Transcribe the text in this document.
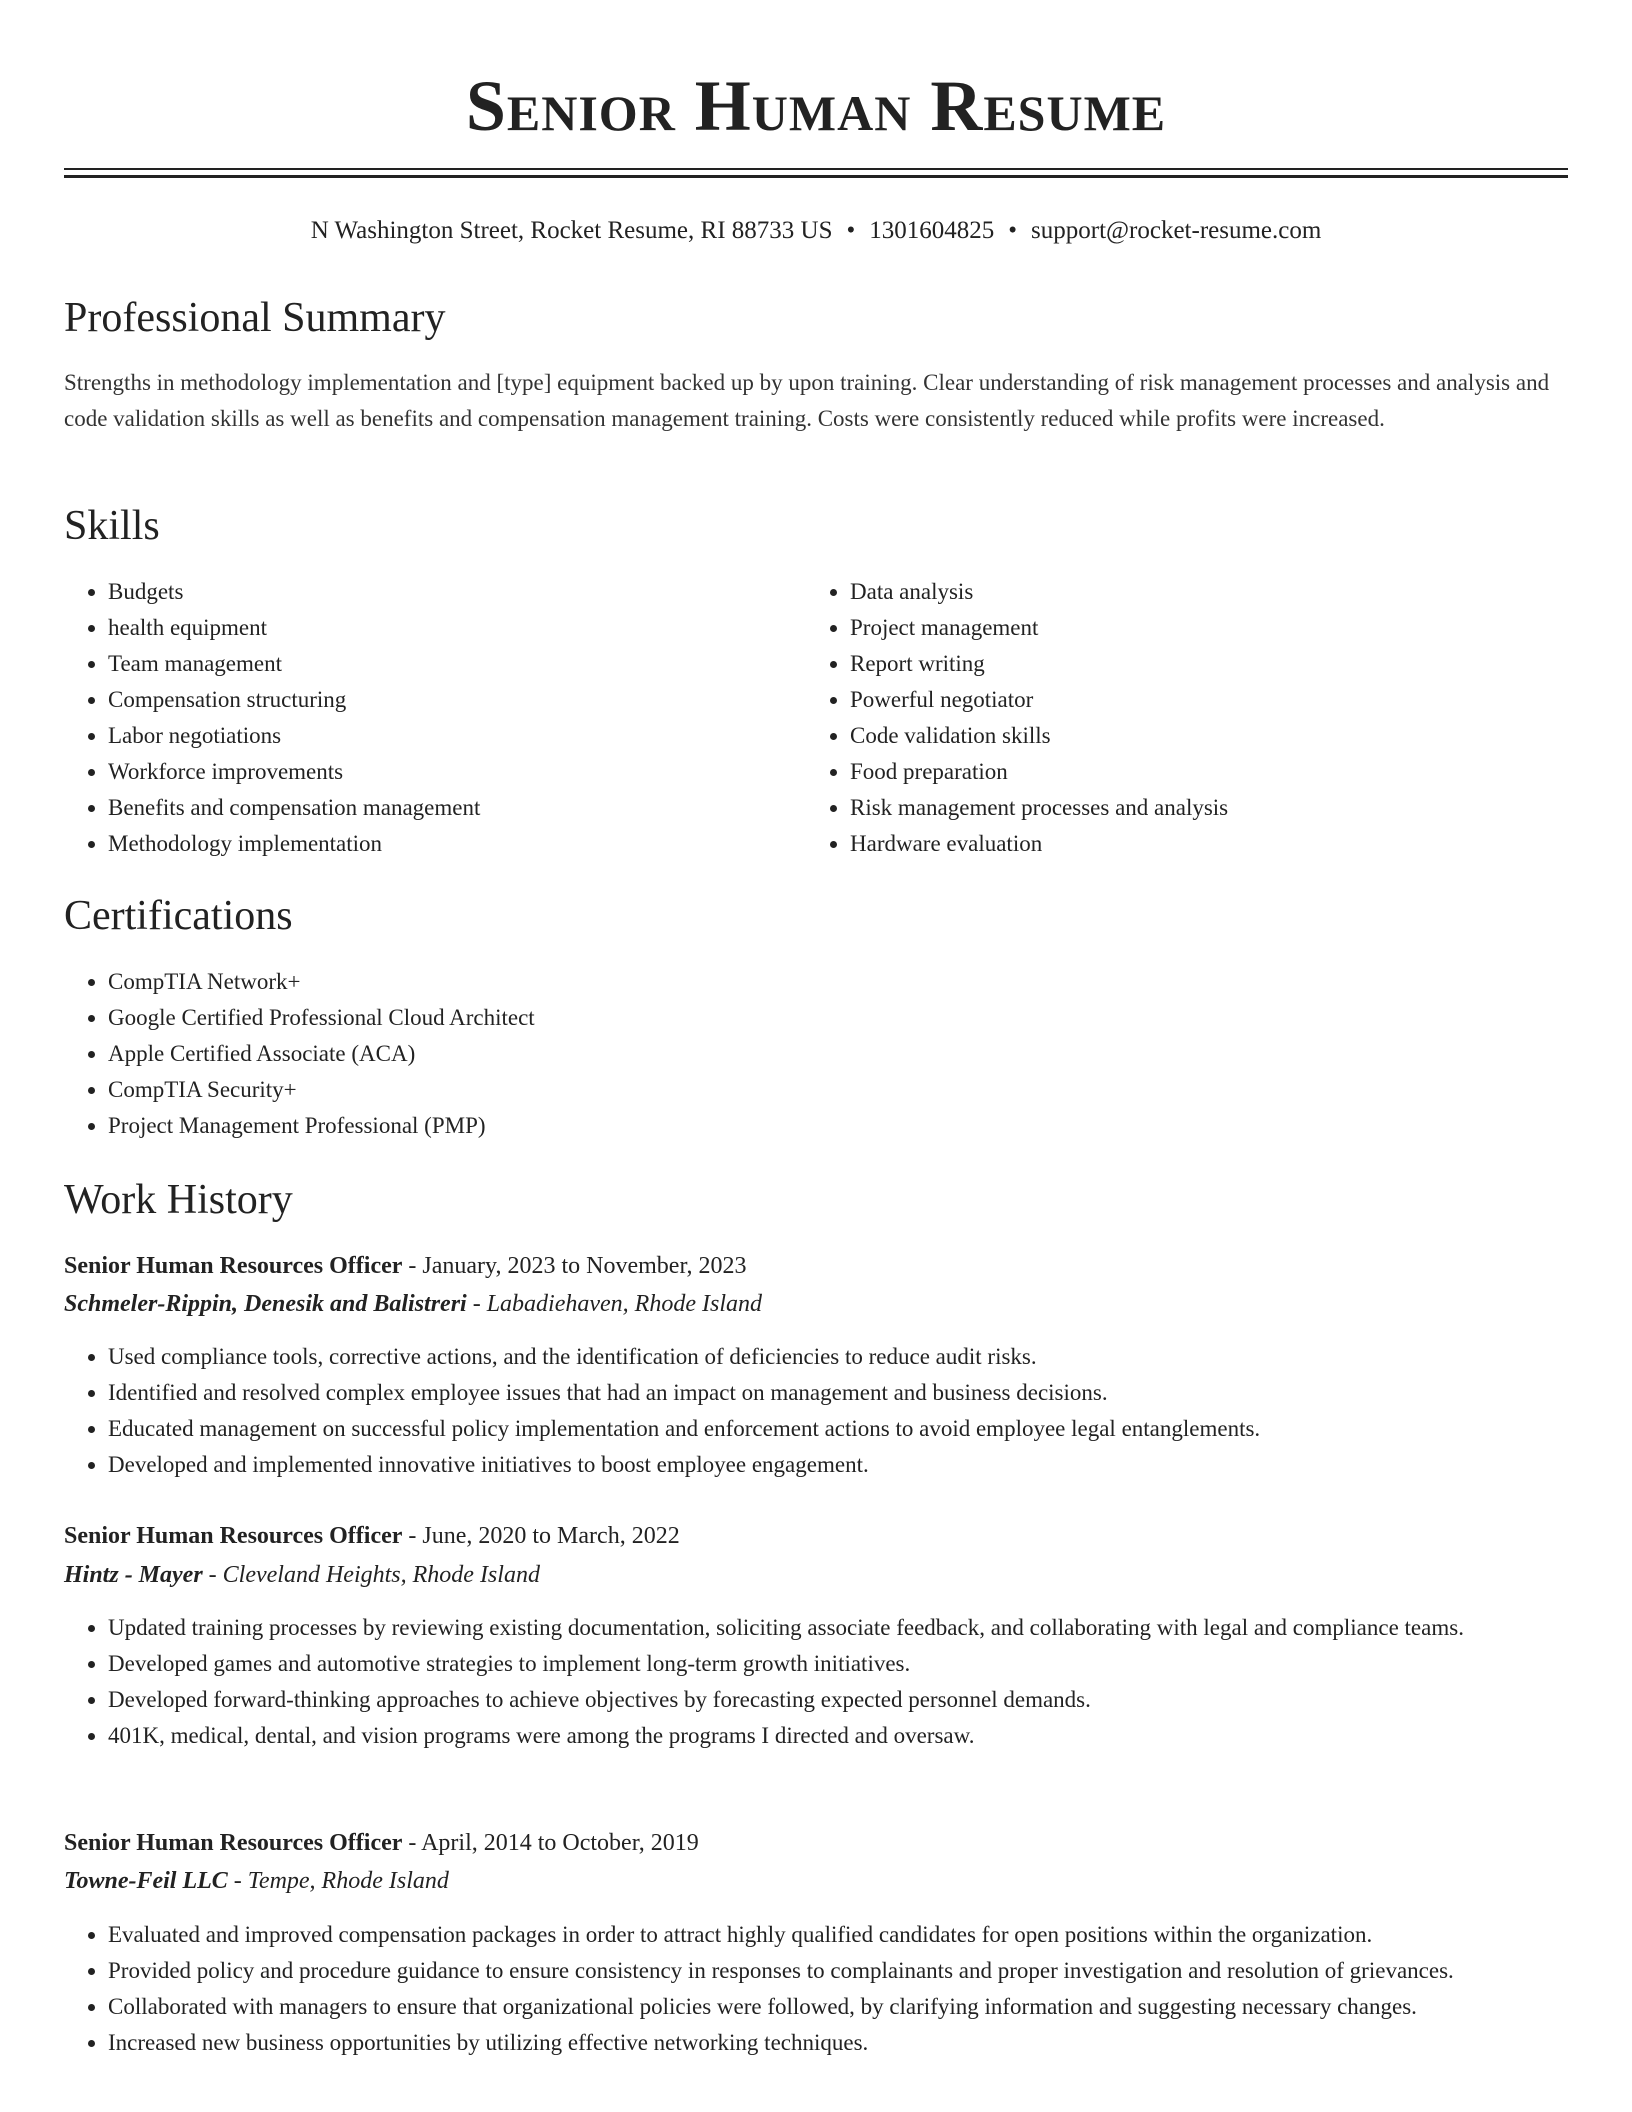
Senior Human Resume
N Washington Street, Rocket Resume, RI 88733 US • 1301604825 • support@rocket-resume.com
Professional Summary

Strengths in methodology implementation and [type] equipment backed up by upon training. Clear understanding of risk management processes and analysis and code validation skills as well as benefits and compensation management training. Costs were consistently reduced while profits were increased.

Skills
• Budgets
• health equipment
• Team management
• Compensation structuring
• Labor negotiations
• Workforce improvements
• Benefits and compensation management
• Methodology implementation
• Data analysis
• Project management
• Report writing
• Powerful negotiator
• Code validation skills
• Food preparation
• Risk management processes and analysis
• Hardware evaluation
Certifications
• CompTIA Network+
• Google Certified Professional Cloud Architect
• Apple Certified Associate (ACA)
• CompTIA Security+
• Project Management Professional (PMP)
Work History
Senior Human Resources Officer - January, 2023 to November, 2023
Schmeler-Rippin, Denesik and Balistreri - Labadiehaven, Rhode Island
• Used compliance tools, corrective actions, and the identification of deficiencies to reduce audit risks.
• Identified and resolved complex employee issues that had an impact on management and business decisions.
• Educated management on successful policy implementation and enforcement actions to avoid employee legal entanglements.
• Developed and implemented innovative initiatives to boost employee engagement.
Senior Human Resources Officer - June, 2020 to March, 2022
Hintz - Mayer - Cleveland Heights, Rhode Island
• Updated training processes by reviewing existing documentation, soliciting associate feedback, and collaborating with legal and compliance teams.
• Developed games and automotive strategies to implement long-term growth initiatives.
• Developed forward-thinking approaches to achieve objectives by forecasting expected personnel demands.
• 401K, medical, dental, and vision programs were among the programs I directed and oversaw.
Senior Human Resources Officer - April, 2014 to October, 2019
Towne-Feil LLC - Tempe, Rhode Island
• Evaluated and improved compensation packages in order to attract highly qualified candidates for open positions within the organization.
• Provided policy and procedure guidance to ensure consistency in responses to complainants and proper investigation and resolution of grievances.
• Collaborated with managers to ensure that organizational policies were followed, by clarifying information and suggesting necessary changes.
• Increased new business opportunities by utilizing effective networking techniques.
